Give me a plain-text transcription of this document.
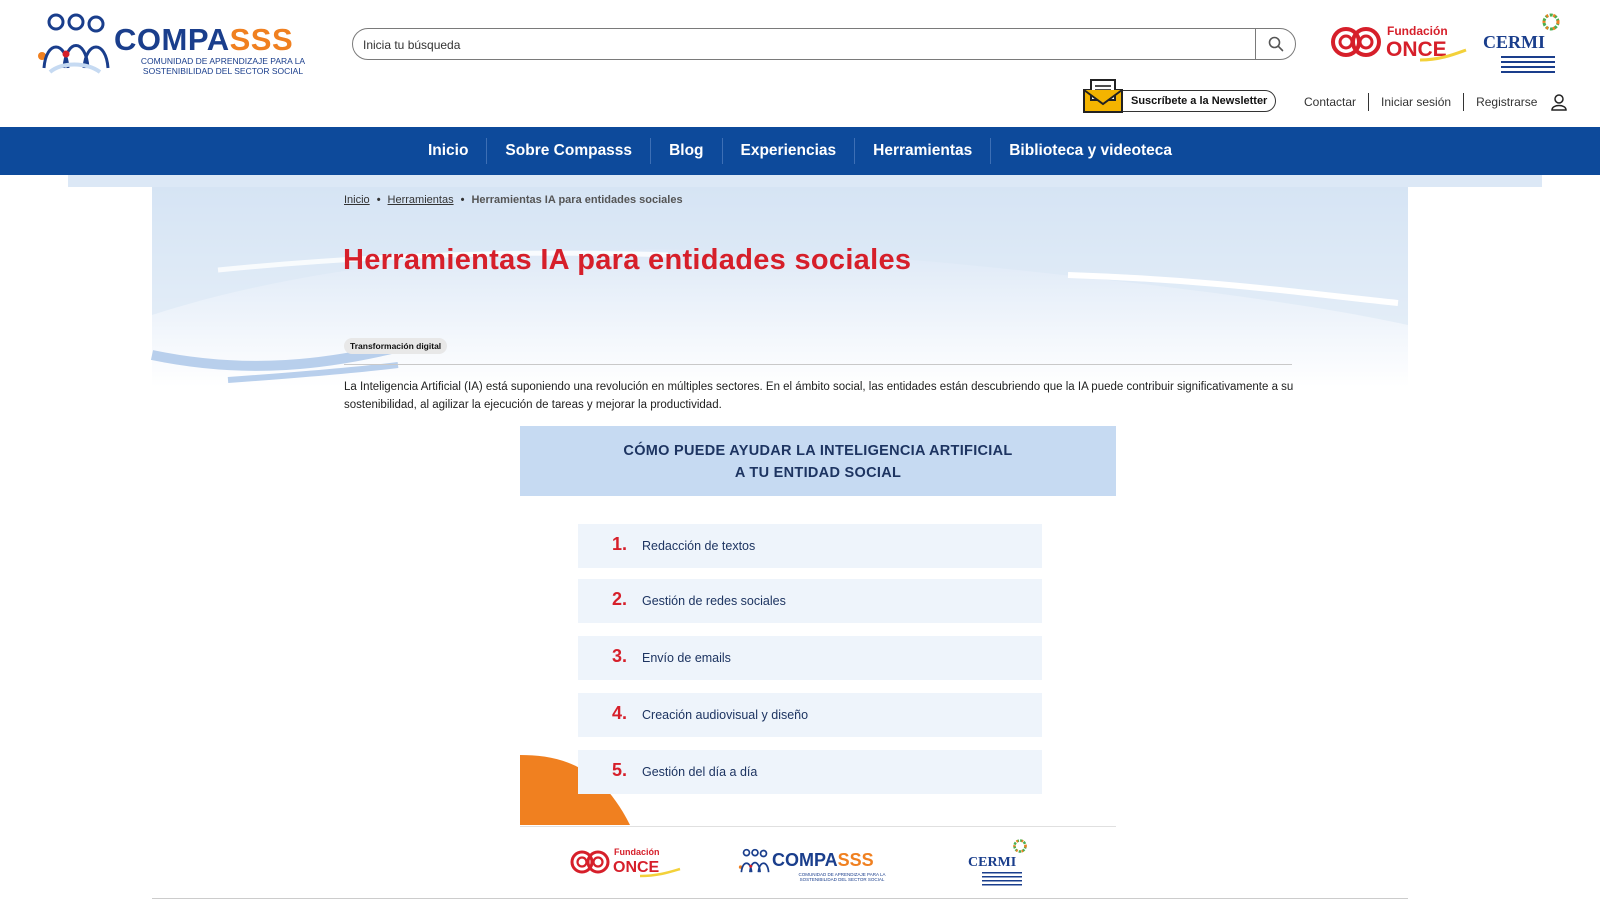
COMPASSS
COMUNIDAD DE APRENDIZAJE PARA LA
SOSTENIBILIDAD DEL SECTOR SOCIAL
Inicia tu búsqueda
Fundación
ONCE CERMI
Suscríbete a la Newsletter	Contactar Iniciar sesión Registrarse
Inicio	Sobre Compasss	Blog	Experiencias	Herramientas	Biblioteca y videoteca
Inicio • Herramientas • Herramientas IA para entidades sociales
Herramientas IA para entidades sociales
Transformación digital

La Inteligencia Artificial (IA) está suponiendo una revolución en múltiples sectores. En el ámbito social, las entidades están descubriendo que la IA puede contribuir significativamente a su sostenibilidad, al agilizar la ejecución de tareas y mejorar la productividad.

CÓMO PUEDE AYUDAR LA INTELIGENCIA ARTIFICIAL
A TU ENTIDAD SOCIAL
1. Redacción de textos
2. Gestión de redes sociales
3. Envío de emails
4. Creación audiovisual y diseño
5. Gestión del día a día
Fundación
ONCE	COMPASSS
COMUNIDAD DE APRENDIZAJE PARA LA SOSTENIBILIDAD DEL SECTOR SOCIAL
CERMI
